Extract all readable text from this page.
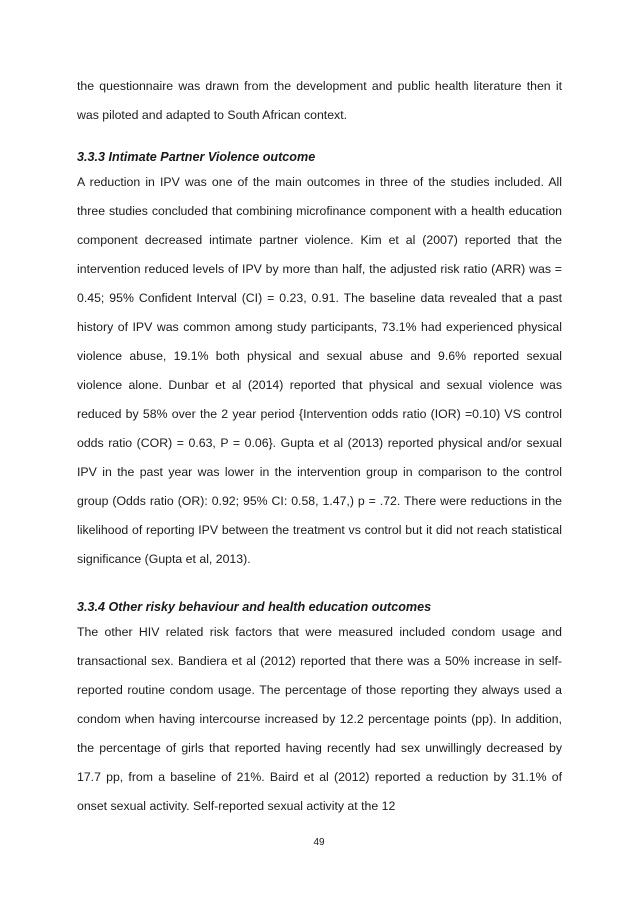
the questionnaire was drawn from the development and public health literature then it was piloted and adapted to South African context.

3.3.3 Intimate Partner Violence outcome

A reduction in IPV was one of the main outcomes in three of the studies included. All three studies concluded that combining microfinance component with a health education component decreased intimate partner violence. Kim et al (2007) reported that the intervention reduced levels of IPV by more than half, the adjusted risk ratio (ARR) was = 0.45; 95% Confident Interval (CI) = 0.23, 0.91. The baseline data revealed that a past history of IPV was common among study participants, 73.1% had experienced physical violence abuse, 19.1% both physical and sexual abuse and 9.6% reported sexual violence alone. Dunbar et al (2014) reported that physical and sexual violence was reduced by 58% over the 2 year period {Intervention odds ratio (IOR) =0.10) VS control odds ratio (COR) = 0.63, P = 0.06}. Gupta et al (2013) reported physical and/or sexual IPV in the past year was lower in the intervention group in comparison to the control group (Odds ratio (OR): 0.92; 95% CI: 0.58, 1.47,) p = .72. There were reductions in the likelihood of reporting IPV between the treatment vs control but it did not reach statistical significance (Gupta et al, 2013).

3.3.4 Other risky behaviour and health education outcomes

The other HIV related risk factors that were measured included condom usage and transactional sex. Bandiera et al (2012) reported that there was a 50% increase in self-reported routine condom usage. The percentage of those reporting they always used a condom when having intercourse increased by 12.2 percentage points (pp). In addition, the percentage of girls that reported having recently had sex unwillingly decreased by 17.7 pp, from a baseline of 21%. Baird et al (2012) reported a reduction by 31.1% of onset sexual activity. Self-reported sexual activity at the 12

49
